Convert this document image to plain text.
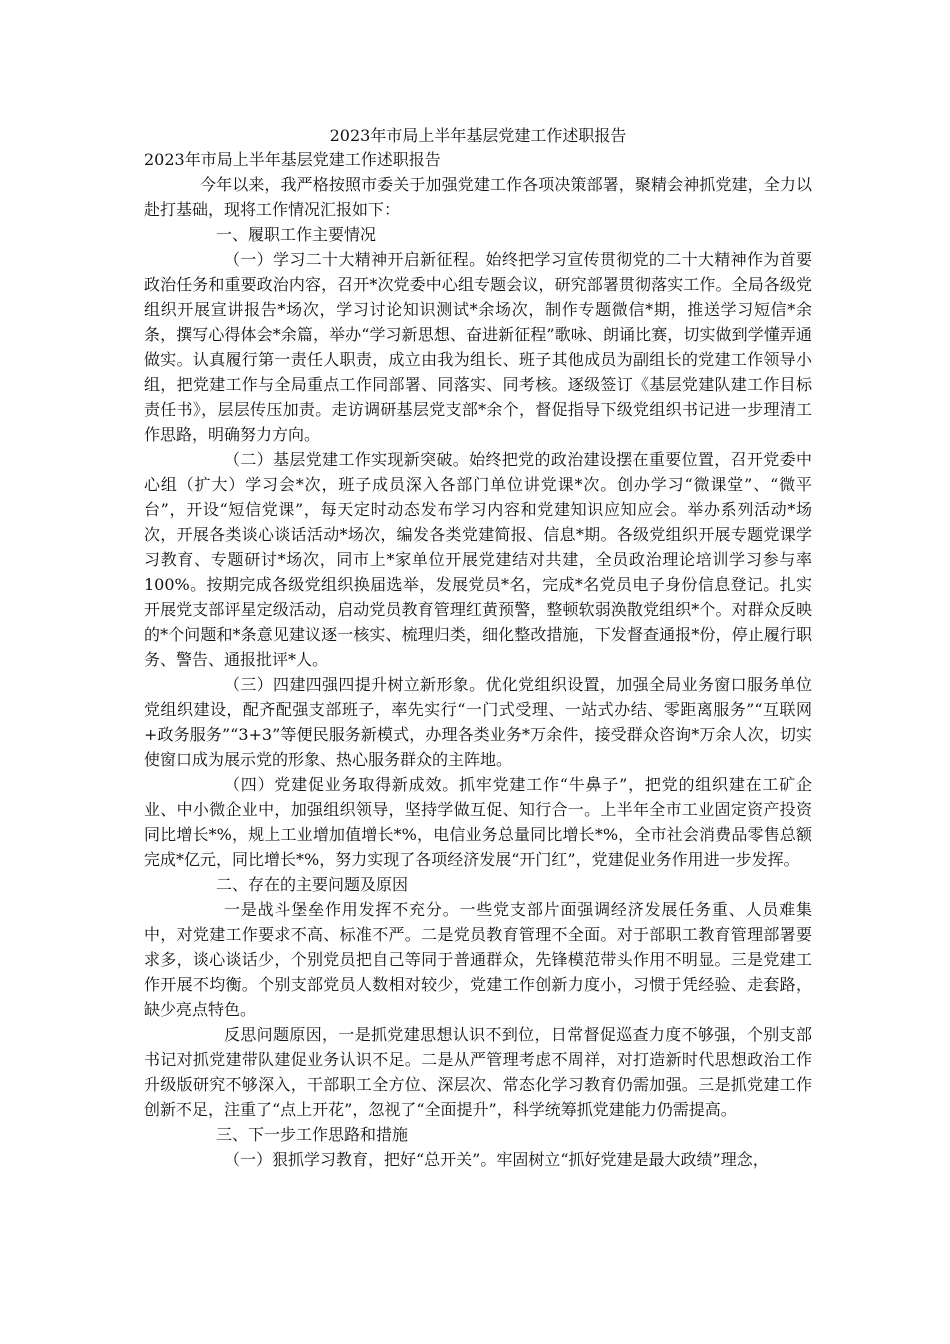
2023年市局上半年基层党建工作述职报告
2023年市局上半年基层党建工作述职报告

今年以来，我严格按照市委关于加强党建工作各项决策部署，聚精会神抓党建，全力以赴打基础，现将工作情况汇报如下：

一、履职工作主要情况

（一）学习二十大精神开启新征程。始终把学习宣传贯彻党的二十大精神作为首要政治任务和重要政治内容，召开*次党委中心组专题会议，研究部署贯彻落实工作。全局各级党组织开展宣讲报告*场次，学习讨论知识测试*余场次，制作专题微信*期，推送学习短信*余条，撰写心得体会*余篇，举办“学习新思想、奋进新征程”歌咏、朗诵比赛，切实做到学懂弄通做实。认真履行第一责任人职责，成立由我为组长、班子其他成员为副组长的党建工作领导小组，把党建工作与全局重点工作同部署、同落实、同考核。逐级签订《基层党建队建工作目标责任书》，层层传压加责。走访调研基层党支部*余个，督促指导下级党组织书记进一步理清工作思路，明确努力方向。

（二）基层党建工作实现新突破。始终把党的政治建设摆在重要位置，召开党委中心组（扩大）学习会*次，班子成员深入各部门单位讲党课*次。创办学习“微课堂”、“微平台”，开设“短信党课”，每天定时动态发布学习内容和党建知识应知应会。举办系列活动*场次，开展各类谈心谈话活动*场次，编发各类党建简报、信息*期。各级党组织开展专题党课学习教育、专题研讨*场次，同市上*家单位开展党建结对共建，全员政治理论培训学习参与率100%。按期完成各级党组织换届选举，发展党员*名，完成*名党员电子身份信息登记。扎实开展党支部评星定级活动，启动党员教育管理红黄预警，整顿软弱涣散党组织*个。对群众反映的*个问题和*条意见建议逐一核实、梳理归类，细化整改措施，下发督查通报*份，停止履行职务、警告、通报批评*人。

（三）四建四强四提升树立新形象。优化党组织设置，加强全局业务窗口服务单位党组织建设，配齐配强支部班子，率先实行“一门式受理、一站式办结、零距离服务”“互联网+政务服务”“3+3”等便民服务新模式，办理各类业务*万余件，接受群众咨询*万余人次，切实使窗口成为展示党的形象、热心服务群众的主阵地。

（四）党建促业务取得新成效。抓牢党建工作“牛鼻子”，把党的组织建在工矿企业、中小微企业中，加强组织领导，坚持学做互促、知行合一。上半年全市工业固定资产投资同比增长*%，规上工业增加值增长*%，电信业务总量同比增长*%，全市社会消费品零售总额完成*亿元，同比增长*%，努力实现了各项经济发展“开门红”，党建促业务作用进一步发挥。

二、存在的主要问题及原因

一是战斗堡垒作用发挥不充分。一些党支部片面强调经济发展任务重、人员难集中，对党建工作要求不高、标准不严。二是党员教育管理不全面。对于部职工教育管理部署要求多，谈心谈话少，个别党员把自己等同于普通群众，先锋模范带头作用不明显。三是党建工作开展不均衡。个别支部党员人数相对较少，党建工作创新力度小，习惯于凭经验、走套路，缺少亮点特色。

反思问题原因，一是抓党建思想认识不到位，日常督促巡查力度不够强，个别支部书记对抓党建带队建促业务认识不足。二是从严管理考虑不周祥，对打造新时代思想政治工作升级版研究不够深入，干部职工全方位、深层次、常态化学习教育仍需加强。三是抓党建工作创新不足，注重了“点上开花”，忽视了“全面提升”，科学统筹抓党建能力仍需提高。

三、下一步工作思路和措施

（一）狠抓学习教育，把好“总开关”。牢固树立“抓好党建是最大政绩”理念，
